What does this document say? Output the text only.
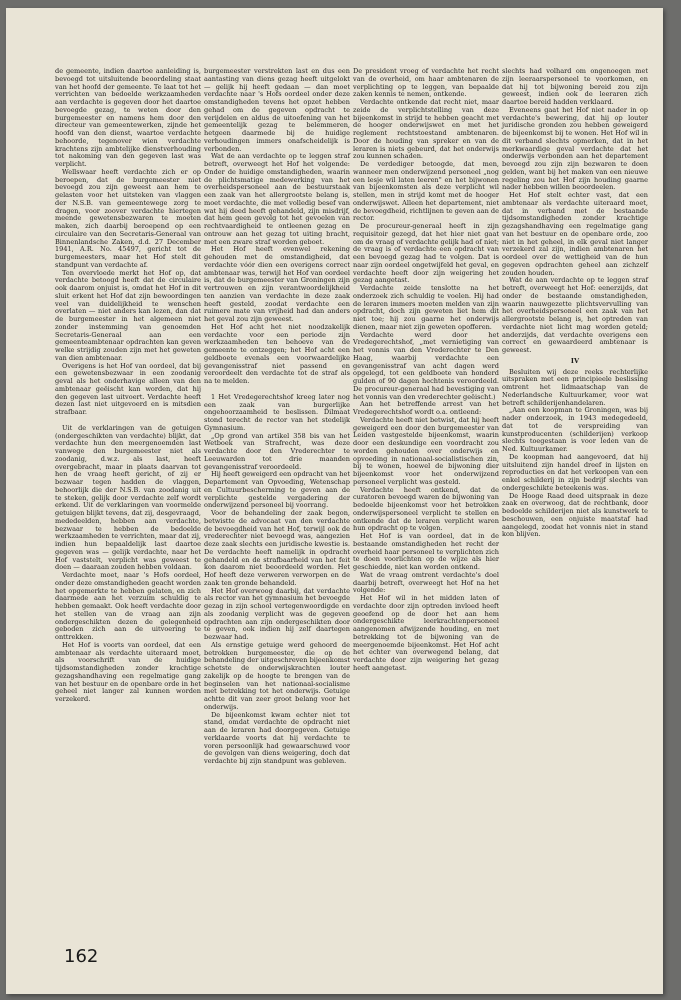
de gemeente, indien daartoe aanleiding is, bevoegd tot uitsluitende beoordeling staat van het hoofd der gemeente. Te laat tot het verrichten van bedoelde werkzaamheden aan verdachte is gegeven door het daartoe bevoegde gezag, te weten door den burgemeester en namens hem door den directeur van gemeentewerken, zijnde het hoofd van den dienst, waartoe verdachte behoorde, tegenover wien verdachte krachtens zijn ambtelijke dienstverhouding tot nakoming van den gegeven last was verplicht.

Wellswaar heeft verdachte zich er op beroepen, dat de burgemeester niet bevoegd zou zijn geweest aan hem te gelasten voor het uitsteken van vlaggen der N.S.B. van gemeentewege zorg te dragen, voor zoover verdachte hiertegen meende gewetensbezwaren te moeten maken, zich daarbij beroepend op een circulaire van den Secretaris-Generaal van Binnenlandsche Zaken, d.d. 27 December 1941, A.R. No. 45497, gericht tot de burgemeesters, maar het Hof stelt dit standpunt van verdachte af.

Ten overvloede merkt het Hof op, dat verdachte betoogd heeft dat de circulaire ook daarom onjuist is, omdat het Hof in dit sluit erkent het Hof dat zijn bewoordingen veel van duidelijkheid te wenschen overlaten — niet anders kan lezen, dan dat de burgemeester in het algemeen niet zonder instemming van genoemden Secretaris-Generaal aan een gemeenteambtenaar opdrachten kan geven welke strijdig zouden zijn met het geweten van dien ambtenaar.

Overigens is het Hof van oordeel, dat bij een gewetensbezwaar in een zoodanig geval als het onderhavige alleen van den ambtenaar geëischt kan worden, dat hij den gegeven last uitvoert. Verdachte heeft dezen last niet uitgevoerd en is mitsdien strafbaar.

Uit de verklaringen van de getuigen (ondergeschikten van verdachte) blijkt, dat verdachte hun den meergenoemden last vanwege den burgemeester niet als zoodanig, d.w.z. als last, heeft overgebracht, maar in plaats daarvan tot hen de vraag heeft gericht, of zij er bezwaar tegen hadden de vlaggen, behoorlijk die der N.S.B. van zoodanig uit te steken, gelijk door verdachte zelf wordt erkend. Uit de verklaringen van voormelde getuigen blijkt tevens, dat zij, desgevraagd, mededeelden, hebben aan verdachte, bezwaar te hebben de bedoelde werkzaamheden te verrichten, maar dat zij, indien hun bepaaldelijk last daartoe gegeven was — gelijk verdachte, naar het Hof vaststelt, verplicht was geweest te doen — daaraan zouden hebben voldaan.

Verdachte moet, naar 's Hofs oordeel, onder deze omstandigheden geacht worden het opgemerkte te hebben gelaten, en zich daarmede aan het verzuim schuldig te hebben gemaakt. Ook heeft verdachte door het stellen van de vraag aan zijn ondergeschikten dezen de gelegenheid geboden zich aan de uitvoering te onttrekken.

Het Hof is voorts van oordeel, dat een ambtenaar als verdachte uiteraard moet, als voorschrift van de huidige tijdsomstandigheden zonder krachtige gezagshandhaving een regelmatige gang van het bestuur en de openbare orde in het geheel niet langer zal kunnen worden verzekerd.

burgemeester verstrekten last en dus een aantasting van diens gezag heeft uitgelokt — gelijk hij heeft gedaan — dan moet verdachte naar 's Hofs oordeel onder deze omstandigheden tevens het opzet hebben gehad om de gegeven opdracht te verijdelen en aldus de uitoefening van het gemeentelijk gezag te belemmeren, hetgeen daarmede bij de huidige verhoudingen immers onafscheidelijk is verbonden.

Wat de aan verdachte op te leggen straf betreft, overweegt het Hof het volgende: Onder de huidige omstandigheden, waarin de plichtsmatige medewerking van het overheidspersoneel aan de bestuurstaak een zaak van het allergrootste belang is, moet verdachte, die met volledig besef van wat hij deed heeft gehandeld, zijn misdrijf, dat hem geen gevolg tot het gevoelen van rechtvaardigheid te ontleenen gezag en ontrouw aan het gezag tot uiting bracht, met een zware straf worden geboet.

Het Hof heeft evenwel rekening gehouden met de omstandigheid, dat verdachte vóór dien een overigens correct ambtenaar was, terwijl het Hof van oordeel is, dat de burgemeester van Groningen zijn vertrouwen en zijn verantwoordelijkheid ten aanzien van verdachte in deze zaak heeft gesteld, zoodat verdachte een ruimere mate van vrijheid had dan anders het geval zou zijn geweest.

Het Hof acht het niet noodzakelijk verdachte voor een periode zijn werkzaamheden ten behoeve van de gemeente te ontzeggen; het Hof acht een geldboete evenals een voorwaardelijke gevangenisstraf niet passend en veroordeelt den verdachte tot de straf als na te melden.

1 Het Vredegerechtshof kreeg later nog een zaak van burgerlijke ongehoorzaamheid te beslissen. Dilmaat stond terecht de rector van het stedelijk Gymnasium.

„Op grond van artikel 358 bis van het Wetboek van Strafrecht, was deze verdachte door den Vrederechter te Leeuwarden tot drie maanden gevangenisstraf veroordeeld.

Hij heeft geweigerd een opdracht van het Departement van Opvoeding, Wetenschap en Cultuurbescherming te geven aan de verplichte gestelde vergadering der onderwijzend personeel bij voorrang.

Voor de behandeling der zaak begon, betwistte de advocaat van den verdachte de bevoegdheid van het Hof, terwijl ook de vrederechter niet bevoegd was, aangezien deze zaak slechts een juridische kwestie is. De verdachte heeft namelijk in opdracht gehandeld en de strafbaarheid van het feit kon daarom niet beoordeeld worden. Het Hof heeft deze verweren verworpen en de zaak ten gronde behandeld.

Het Hof overwoog daarbij, dat verdachte als rector van het gymnasium het bevoegde gezag in zijn school vertegenwoordigde en als zoodanig verplicht was de gegeven opdrachten aan zijn ondergeschikten door te geven, ook indien hij zelf daartegen bezwaar had.

Als ernstige getuige werd gehoord de betrokken burgemeester, die op de behandeling der uitgeschreven bijeenkomst schetste de onderwijskrachten louter zakelijk op de hoogte te brengen van de beginselen van het nationaal-socialisme met betrekking tot het onderwijs. Getuige achtte dit van zeer groot belang voor het onderwijs.

De bijeenkomst kwam echter niet tot stand, omdat verdachte de opdracht niet aan de leraren had doorgegeven. Getuige verklaarde voorts dat hij verdachte te voren persoonlijk had gewaarschuwd voor de gevolgen van diens weigering, doch dat verdachte bij zijn standpunt was gebleven.

De president vroeg of verdachte het recht van de overheid, om haar ambtenaren de verplichting op te leggen, van bepaalde zaken kennis te nemen, ontkende.

Verdachte ontkende dat recht niet, maar zeide de verplichtstelling van deze bijeenkomst in strijd te hebben geacht met de hooger onderwijswet en met het reglement rechtstoestand ambtenaren. Door de houding van spreker en van de leraren is niets gebeurd, dat het onderwijs zou kunnen schaden.

De verdediger betoogde, dat men, wanneer men onderwijzend personeel „nog een lesje wil laten leeren" en het bijwonen van bijeenkomsten als deze verplicht wil stellen, men in strijd komt met de hooger onderwijswet. Alleen het departement, niet de bevoegdheid, richtlijnen te geven aan de rector.

De procureur-generaal heeft in zijn requisitoir gezegd, dat het hier niet gaat om de vraag of verdachte gelijk had of niet; de vraag is of verdachte een opdracht van een bevoegd gezag had te volgen. Dat is naar zijn oordeel ongetwijfeld het geval, en verdachte heeft door zijn weigering het gezag aangetast.

Verdachte zeide tenslotte na het onderzoek zich schuldig te voelen. Hij had de leraren immers moeten melden van zijn opdracht, doch zijn geweten liet hem dit niet toe; hij zou gaarne het onderwijs dienen, maar niet zijn geweten opofferen.

Verdachte werd door het Vredegerechtshof, „met vernietiging van het vonnis van den Vrederechter te Den Haag, waarbij verdachte een gevangenisstraf van acht dagen werd opgelegd, tot een geldboete van honderd gulden of 90 dagen hechtenis veroordeeld. De procureur-generaal had bevestiging van het vonnis van den vrederechter geëischt.)

Aan het betreffende arrest van het Vredegerechtshof wordt o.a. ontleend:

Verdachte heeft niet betwist, dat hij heeft geweigerd een door den burgemeester van Leiden vastgestelde bijeenkomst, waarin door een deskundige een voordracht zou worden gehouden over onderwijs en opvoeding in nationaal-socialistischen zin, bij te wonen, hoewel de bijwoning dier bijeenkomst voor het onderwijzend personeel verplicht was gesteld.

Verdachte heeft ontkend, dat de curatoren bevoegd waren de bijwoning van bedoelde bijeenkomst voor het betrokken onderwijspersoneel verplicht te stellen en ontkende dat de leraren verplicht waren hun opdracht op te volgen.

Het Hof is van oordeel, dat in de bestaande omstandigheden het recht der overheid haar personeel te verplichten zich te doen voorlichten op de wijze als hier geschiedde, niet kan worden ontkend.

Wat de vraag omtrent verdachte's doel daarbij betreft, overweegt het Hof na het volgende:

Het Hof wil in het midden laten of verdachte door zijn optreden invloed heeft geoefend op de door het aan hem ondergeschikte leerkrachtenpersoneel aangenomen afwijzende houding, en met betrekking tot de bijwoning van de meergenoemde bijeenkomst. Het Hof acht het echter van overwegend belang, dat verdachte door zijn weigering het gezag heeft aangetast.

slechts had volhard om ongenoegen met zijn leeraarspersoneel te voorkomen, en dat hij tot bijwoning bereid zou zijn geweest, indien ook de leeraren zich daartoe bereid hadden verklaard.

Eveneens gaat het Hof niet nader in op verdachte's bewering, dat hij op louter juridische gronden zou hebben geweigerd de bijeenkomst bij te wonen. Het Hof wil in dit verband slechts opmerken, dat in het merkwaardige geval verdachte dat het onderwijs verbonden aan het departement bevoegd zou zijn zijn bezwaren te doen gelden, want bij het maken van een nieuwe regeling zou het Hof zijn houding gaarne nader hebben willen beoordeelen.

Het Hof stelt echter vast, dat een ambtenaar als verdachte uiteraard moet, dat in verband met de bestaande tijdsomstandigheden zonder krachtige gezagshandhaving een regelmatige gang van het bestuur en de openbare orde, zoo niet in het geheel, in elk geval niet langer verzekerd zal zijn, indien ambtenaren het oordeel over de wettigheid van de hun gegeven opdrachten geheel aan zichzelf zouden houden.

Wat de aan verdachte op te leggen straf betreft, overweegt het Hof: eenerzijds, dat onder de bestaande omstandigheden, waarin nauwgezette plichtsvervulling van het overheidspersoneel een zaak van het allergrootste belang is, het optreden van verdachte niet licht mag worden geteld; anderzijds, dat verdachte overigens een correct en gewaardeerd ambtenaar is geweest.

IV

Besluiten wij deze reeks rechterlijke uitspraken met een principieele beslissing omtrent het lidmaatschap van de Nederlandsche Kultuurkamer, voor wat betreft schilderijenhandelaren.

„Aan een koopman te Groningen, was bij nader onderzoek, in 1943 medegedeeld, dat tot de verspreiding van kunstproducenten (schilderijen) verkoop slechts toegestaan is voor leden van de Ned. Kultuurkamer.

De koopman had aangevoerd, dat hij uitsluitend zijn handel dreef in lijsten en reproducties en dat het verkoopen van een enkel schilderij in zijn bedrijf slechts van ondergeschikte beteekenis was.

De Hooge Raad deed uitspraak in deze zaak en overwoog, dat de rechtbank, door bedoelde schilderijen niet als kunstwerk te beschouwen, een onjuiste maatstaf had aangelegd, zoodat het vonnis niet in stand kon blijven.

162
